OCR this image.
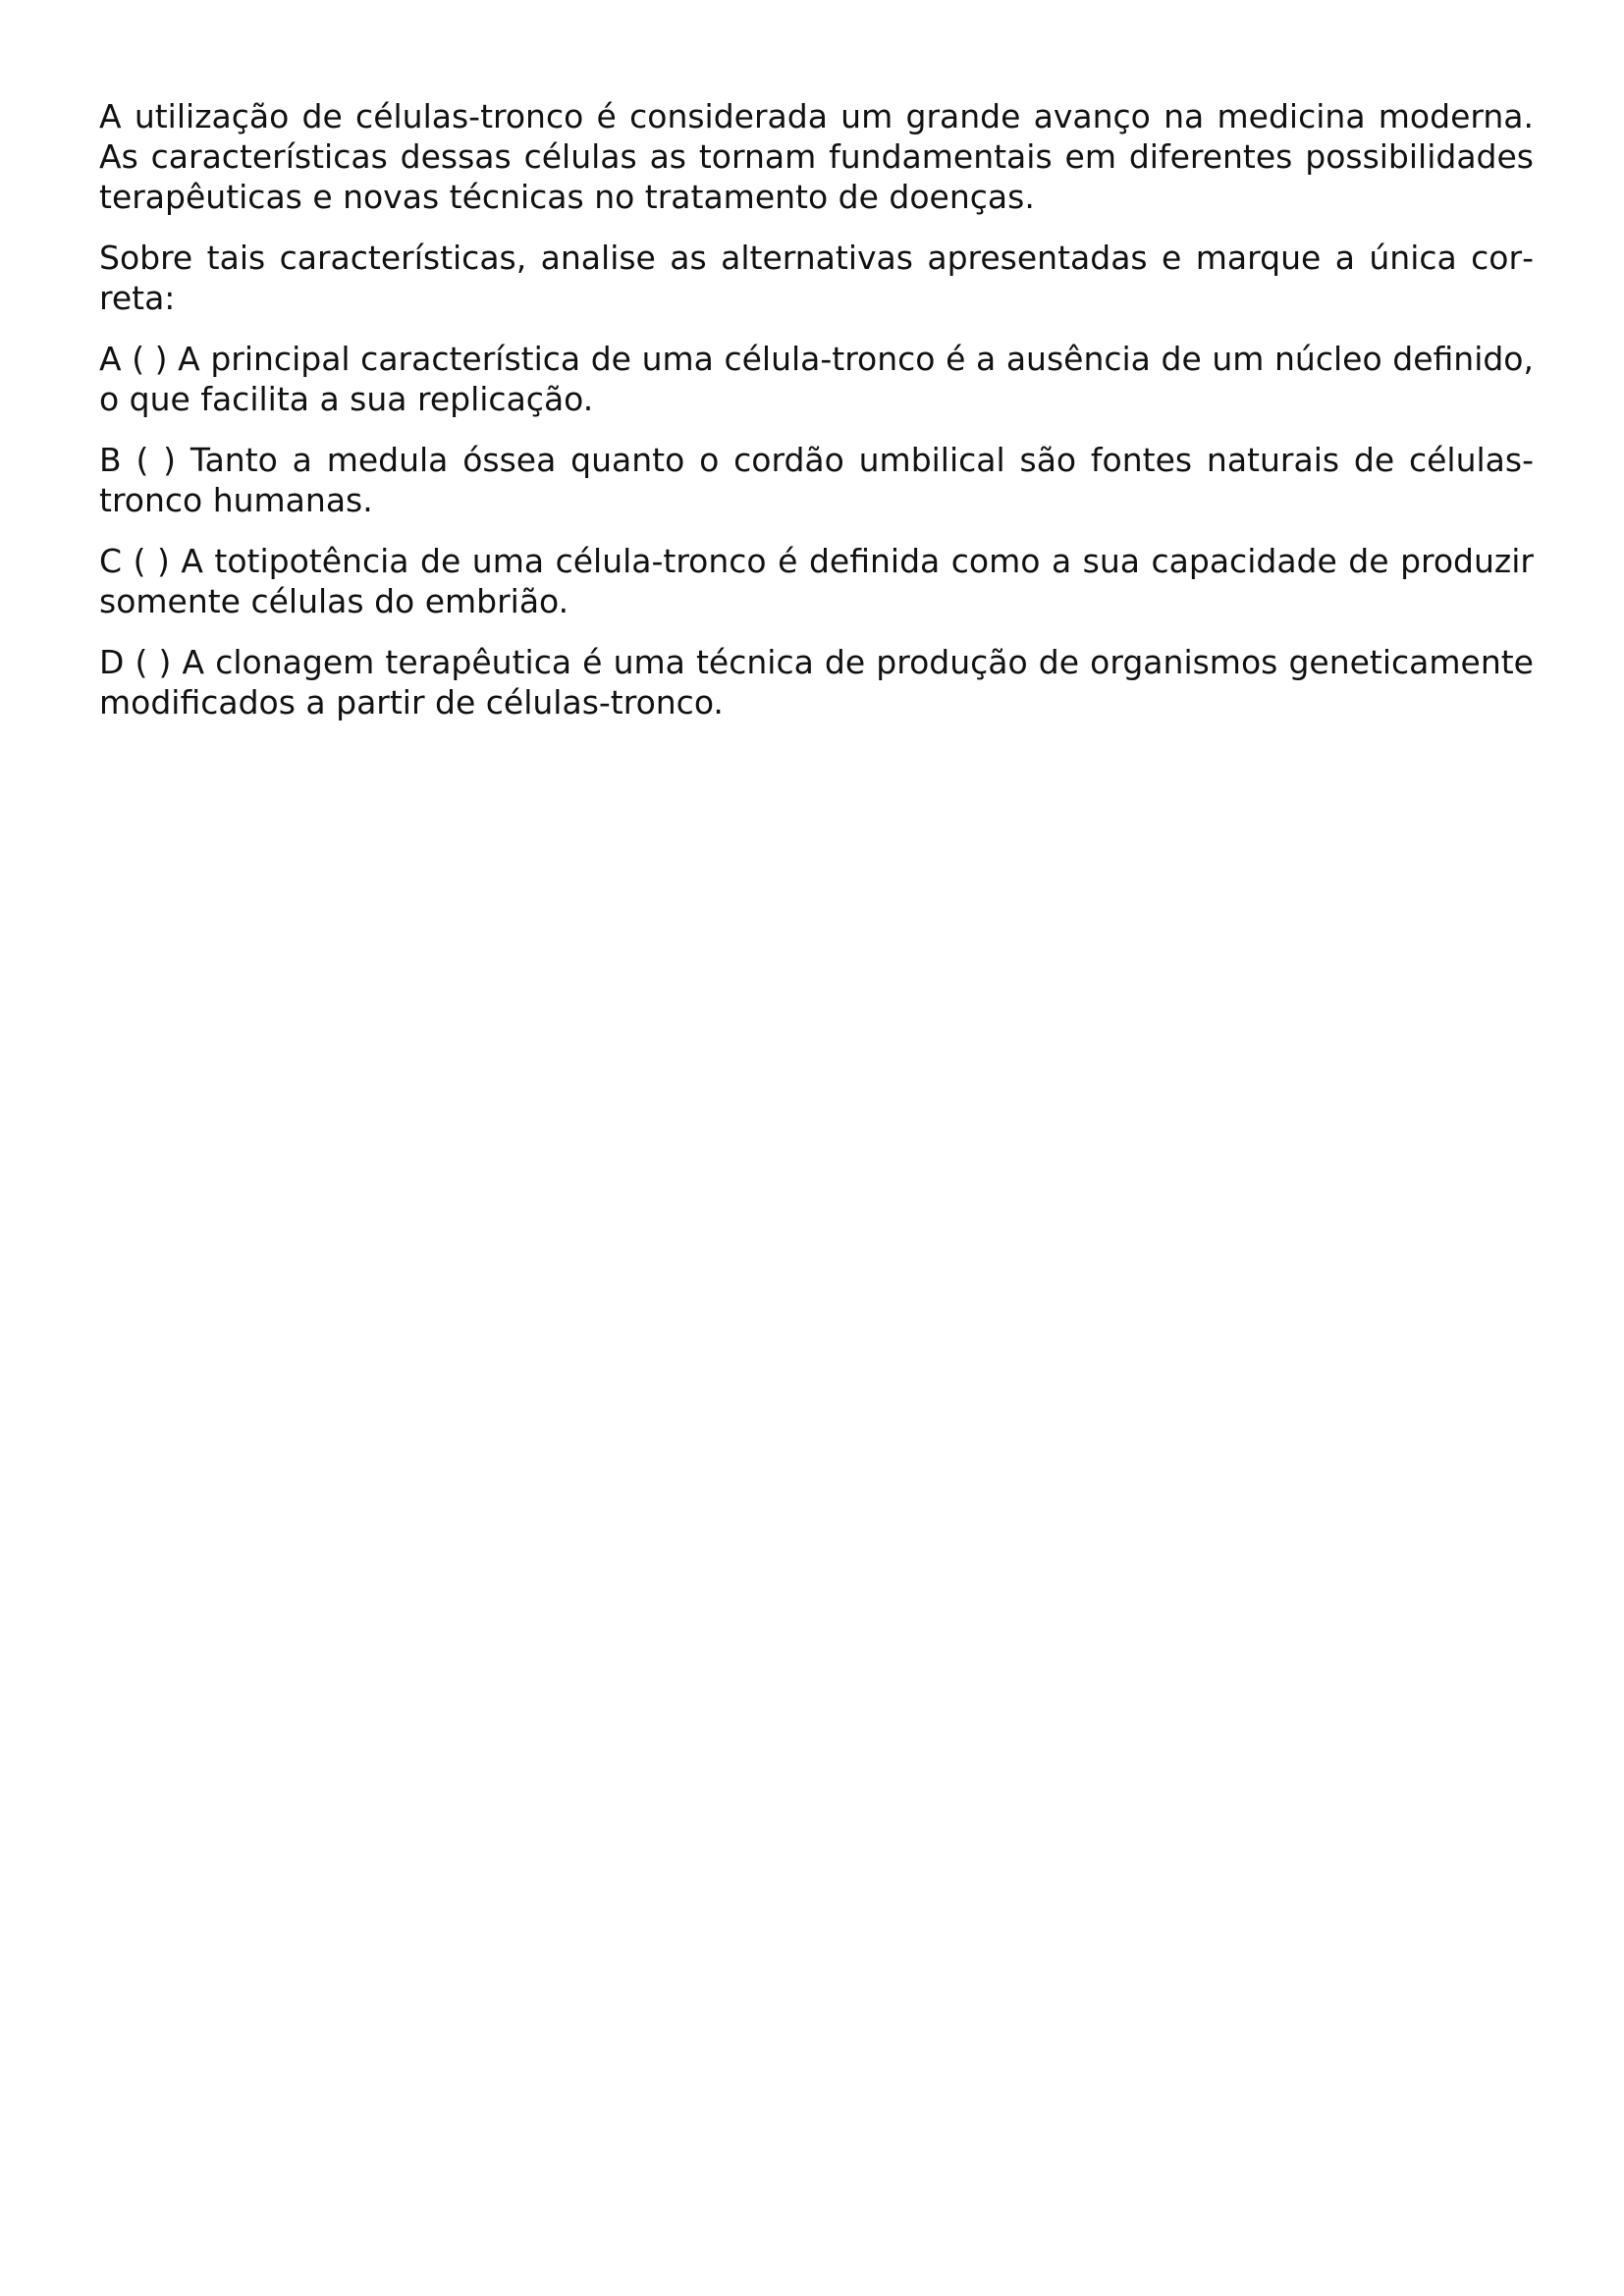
A utilização de células-tronco é considerada um grande avanço na medicina moderna. As características dessas células as tornam fundamentais em diferentes possibilidades terapêuticas e novas técnicas no tratamento de doenças.

Sobre tais características, analise as alternativas apresentadas e marque a única correta:

A ( ) A principal característica de uma célula-tronco é a ausência de um núcleo definido, o que facilita a sua replicação.

B ( ) Tanto a medula óssea quanto o cordão umbilical são fontes naturais de células-tronco humanas.

C ( ) A totipotência de uma célula-tronco é definida como a sua capacidade de produzir somente células do embrião.

D ( ) A clonagem terapêutica é uma técnica de produção de organismos geneticamente modificados a partir de células-tronco.
